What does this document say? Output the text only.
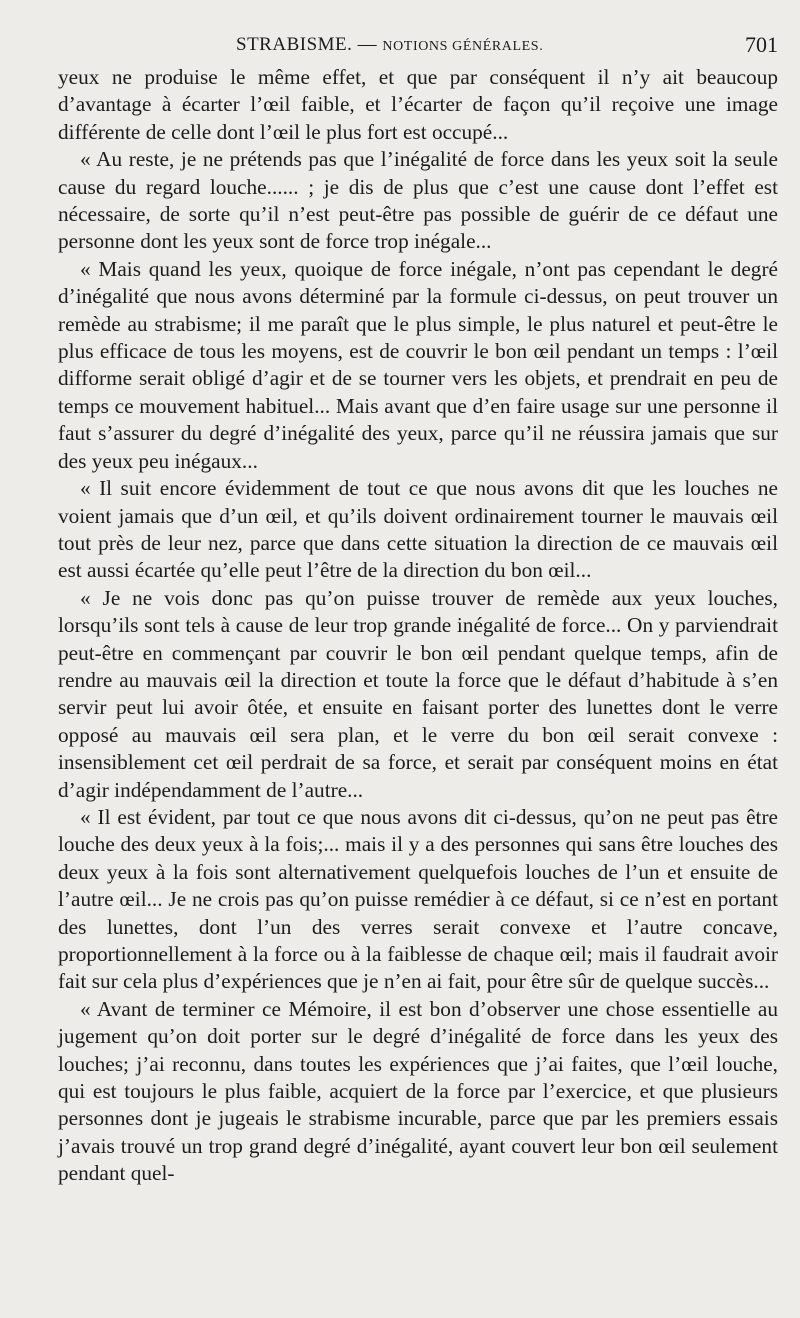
STRABISME. — NOTIONS GÉNÉRALES.	701

yeux ne produise le même effet, et que par conséquent il n’y ait beaucoup d’avantage à écarter l’œil faible, et l’écarter de façon qu’il reçoive une image différente de celle dont l’œil le plus fort est occupé...

« Au reste, je ne prétends pas que l’inégalité de force dans les yeux soit la seule cause du regard louche...... ; je dis de plus que c’est une cause dont l’effet est nécessaire, de sorte qu’il n’est peut-être pas possible de guérir de ce défaut une personne dont les yeux sont de force trop inégale...

« Mais quand les yeux, quoique de force inégale, n’ont pas cependant le degré d’inégalité que nous avons déterminé par la formule ci-dessus, on peut trouver un remède au strabisme; il me paraît que le plus simple, le plus naturel et peut-être le plus efficace de tous les moyens, est de couvrir le bon œil pendant un temps : l’œil difforme serait obligé d’agir et de se tourner vers les objets, et prendrait en peu de temps ce mouvement habituel... Mais avant que d’en faire usage sur une personne il faut s’assurer du degré d’inégalité des yeux, parce qu’il ne réussira jamais que sur des yeux peu inégaux...

« Il suit encore évidemment de tout ce que nous avons dit que les louches ne voient jamais que d’un œil, et qu’ils doivent ordinairement tourner le mauvais œil tout près de leur nez, parce que dans cette situation la direction de ce mauvais œil est aussi écartée qu’elle peut l’être de la direction du bon œil...

« Je ne vois donc pas qu’on puisse trouver de remède aux yeux louches, lorsqu’ils sont tels à cause de leur trop grande inégalité de force... On y parviendrait peut-être en commençant par couvrir le bon œil pendant quelque temps, afin de rendre au mauvais œil la direction et toute la force que le défaut d’habitude à s’en servir peut lui avoir ôtée, et ensuite en faisant porter des lunettes dont le verre opposé au mauvais œil sera plan, et le verre du bon œil serait convexe : insensiblement cet œil perdrait de sa force, et serait par conséquent moins en état d’agir indépendamment de l’autre...

« Il est évident, par tout ce que nous avons dit ci-dessus, qu’on ne peut pas être louche des deux yeux à la fois;... mais il y a des personnes qui sans être louches des deux yeux à la fois sont alternativement quelquefois louches de l’un et ensuite de l’autre œil... Je ne crois pas qu’on puisse remédier à ce défaut, si ce n’est en portant des lunettes, dont l’un des verres serait convexe et l’autre concave, proportionnellement à la force ou à la faiblesse de chaque œil; mais il faudrait avoir fait sur cela plus d’expériences que je n’en ai fait, pour être sûr de quelque succès...

« Avant de terminer ce Mémoire, il est bon d’observer une chose essentielle au jugement qu’on doit porter sur le degré d’inégalité de force dans les yeux des louches; j’ai reconnu, dans toutes les expériences que j’ai faites, que l’œil louche, qui est toujours le plus faible, acquiert de la force par l’exercice, et que plusieurs personnes dont je jugeais le strabisme incurable, parce que par les premiers essais j’avais trouvé un trop grand degré d’inégalité, ayant couvert leur bon œil seulement pendant quel-
